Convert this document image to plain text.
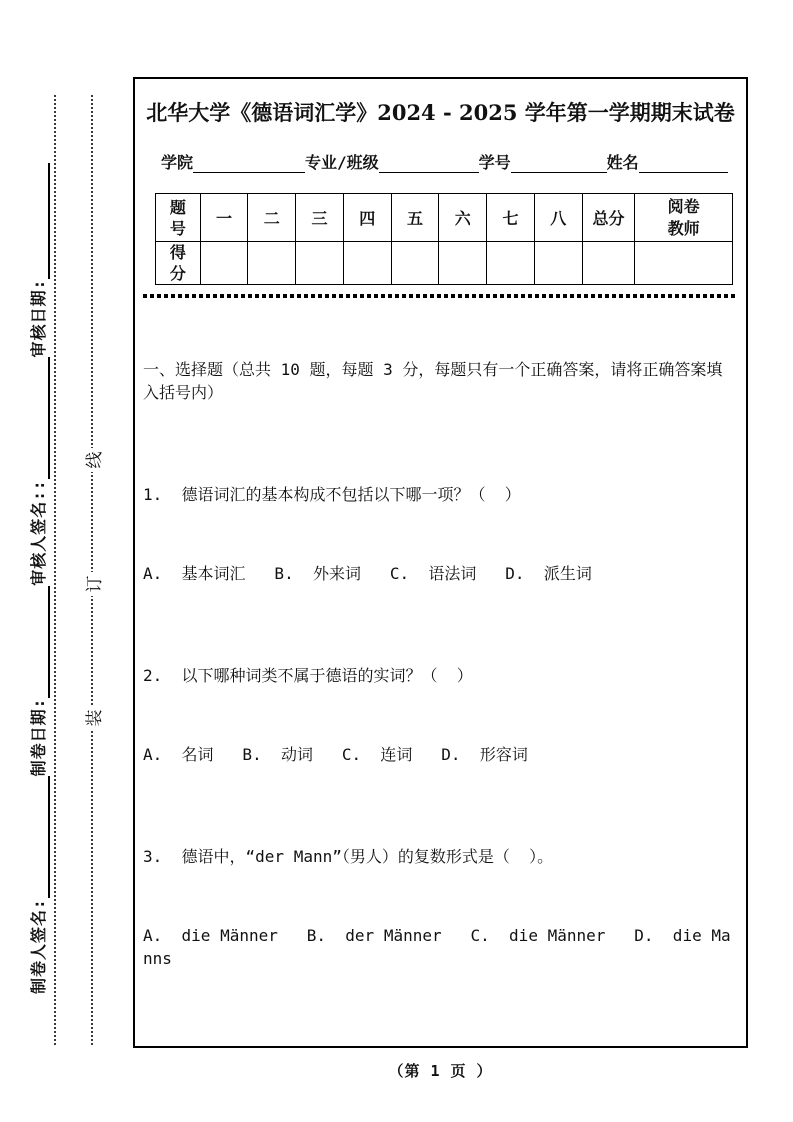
制卷人签名:
制卷日期:
审核人签名::
审核日期:
线
订
装
北华大学《德语词汇学》2024 - 2025 学年第一学期期末试卷
学院	专业/班级	学号	姓名
题号	一	二	三	四	五	六	七	八	总分	阅卷教师
得分										

一、选择题（总共 10 题，每题 3 分，每题只有一个正确答案，请将正确答案填入括号内）

1.  德语词汇的基本构成不包括以下哪一项？（  ）

A.  基本词汇   B.  外来词   C.  语法词   D.  派生词

2.  以下哪种词类不属于德语的实词？（  ）

A.  名词   B.  动词   C.  连词   D.  形容词

3.  德语中，“der Mann”（男人）的复数形式是（  ）。

A.  die Männer   B.  der Männer   C.  die Männer   D.  die Manns

（第 1 页 ）
